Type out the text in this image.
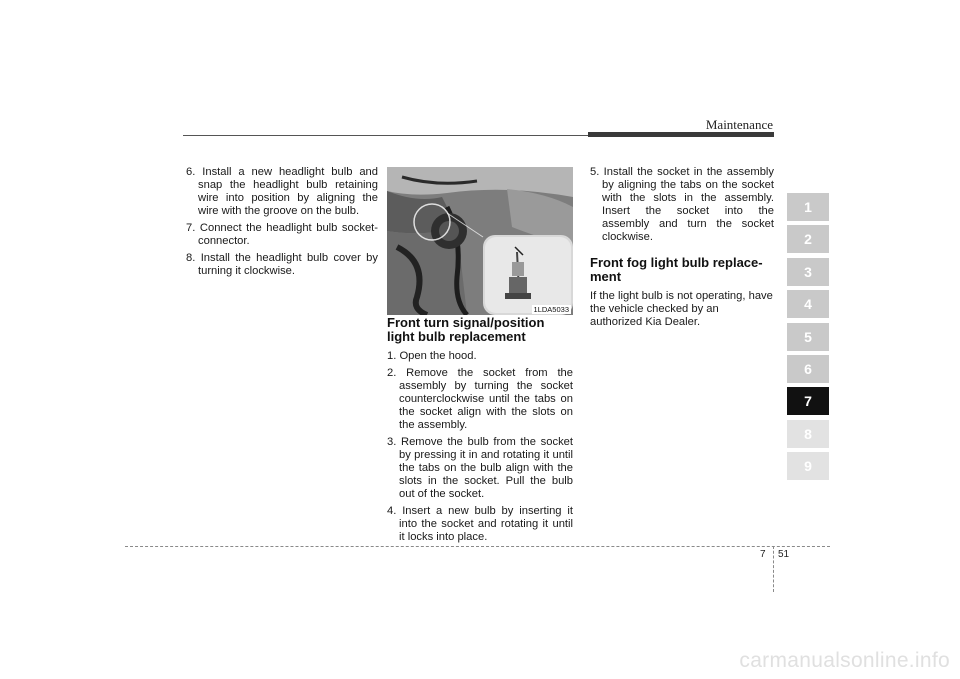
Maintenance

6. Install a new headlight bulb and snap the headlight bulb retaining wire into position by aligning the wire with the groove on the bulb.

7. Connect the headlight bulb socket-connector.

8. Install the headlight bulb cover by turning it clockwise.

1LDA5033

Front turn signal/position light bulb replacement

1. Open the hood.

2. Remove the socket from the assembly by turning the socket counterclockwise until the tabs on the socket align with the slots on the assembly.

3. Remove the bulb from the socket by pressing it in and rotating it until the tabs on the bulb align with the slots in the socket. Pull the bulb out of the socket.

4. Insert a new bulb by inserting it into the socket and rotating it until it locks into place.

5. Install the socket in the assembly by aligning the tabs on the socket with the slots in the assembly. Insert the socket into the assembly and turn the socket clockwise.

Front fog light bulb replace-ment

If the light bulb is not operating, have the vehicle checked by an authorized Kia Dealer.

1
2
3
4
5
6
7
8
9
7 51
carmanualsonline.info
